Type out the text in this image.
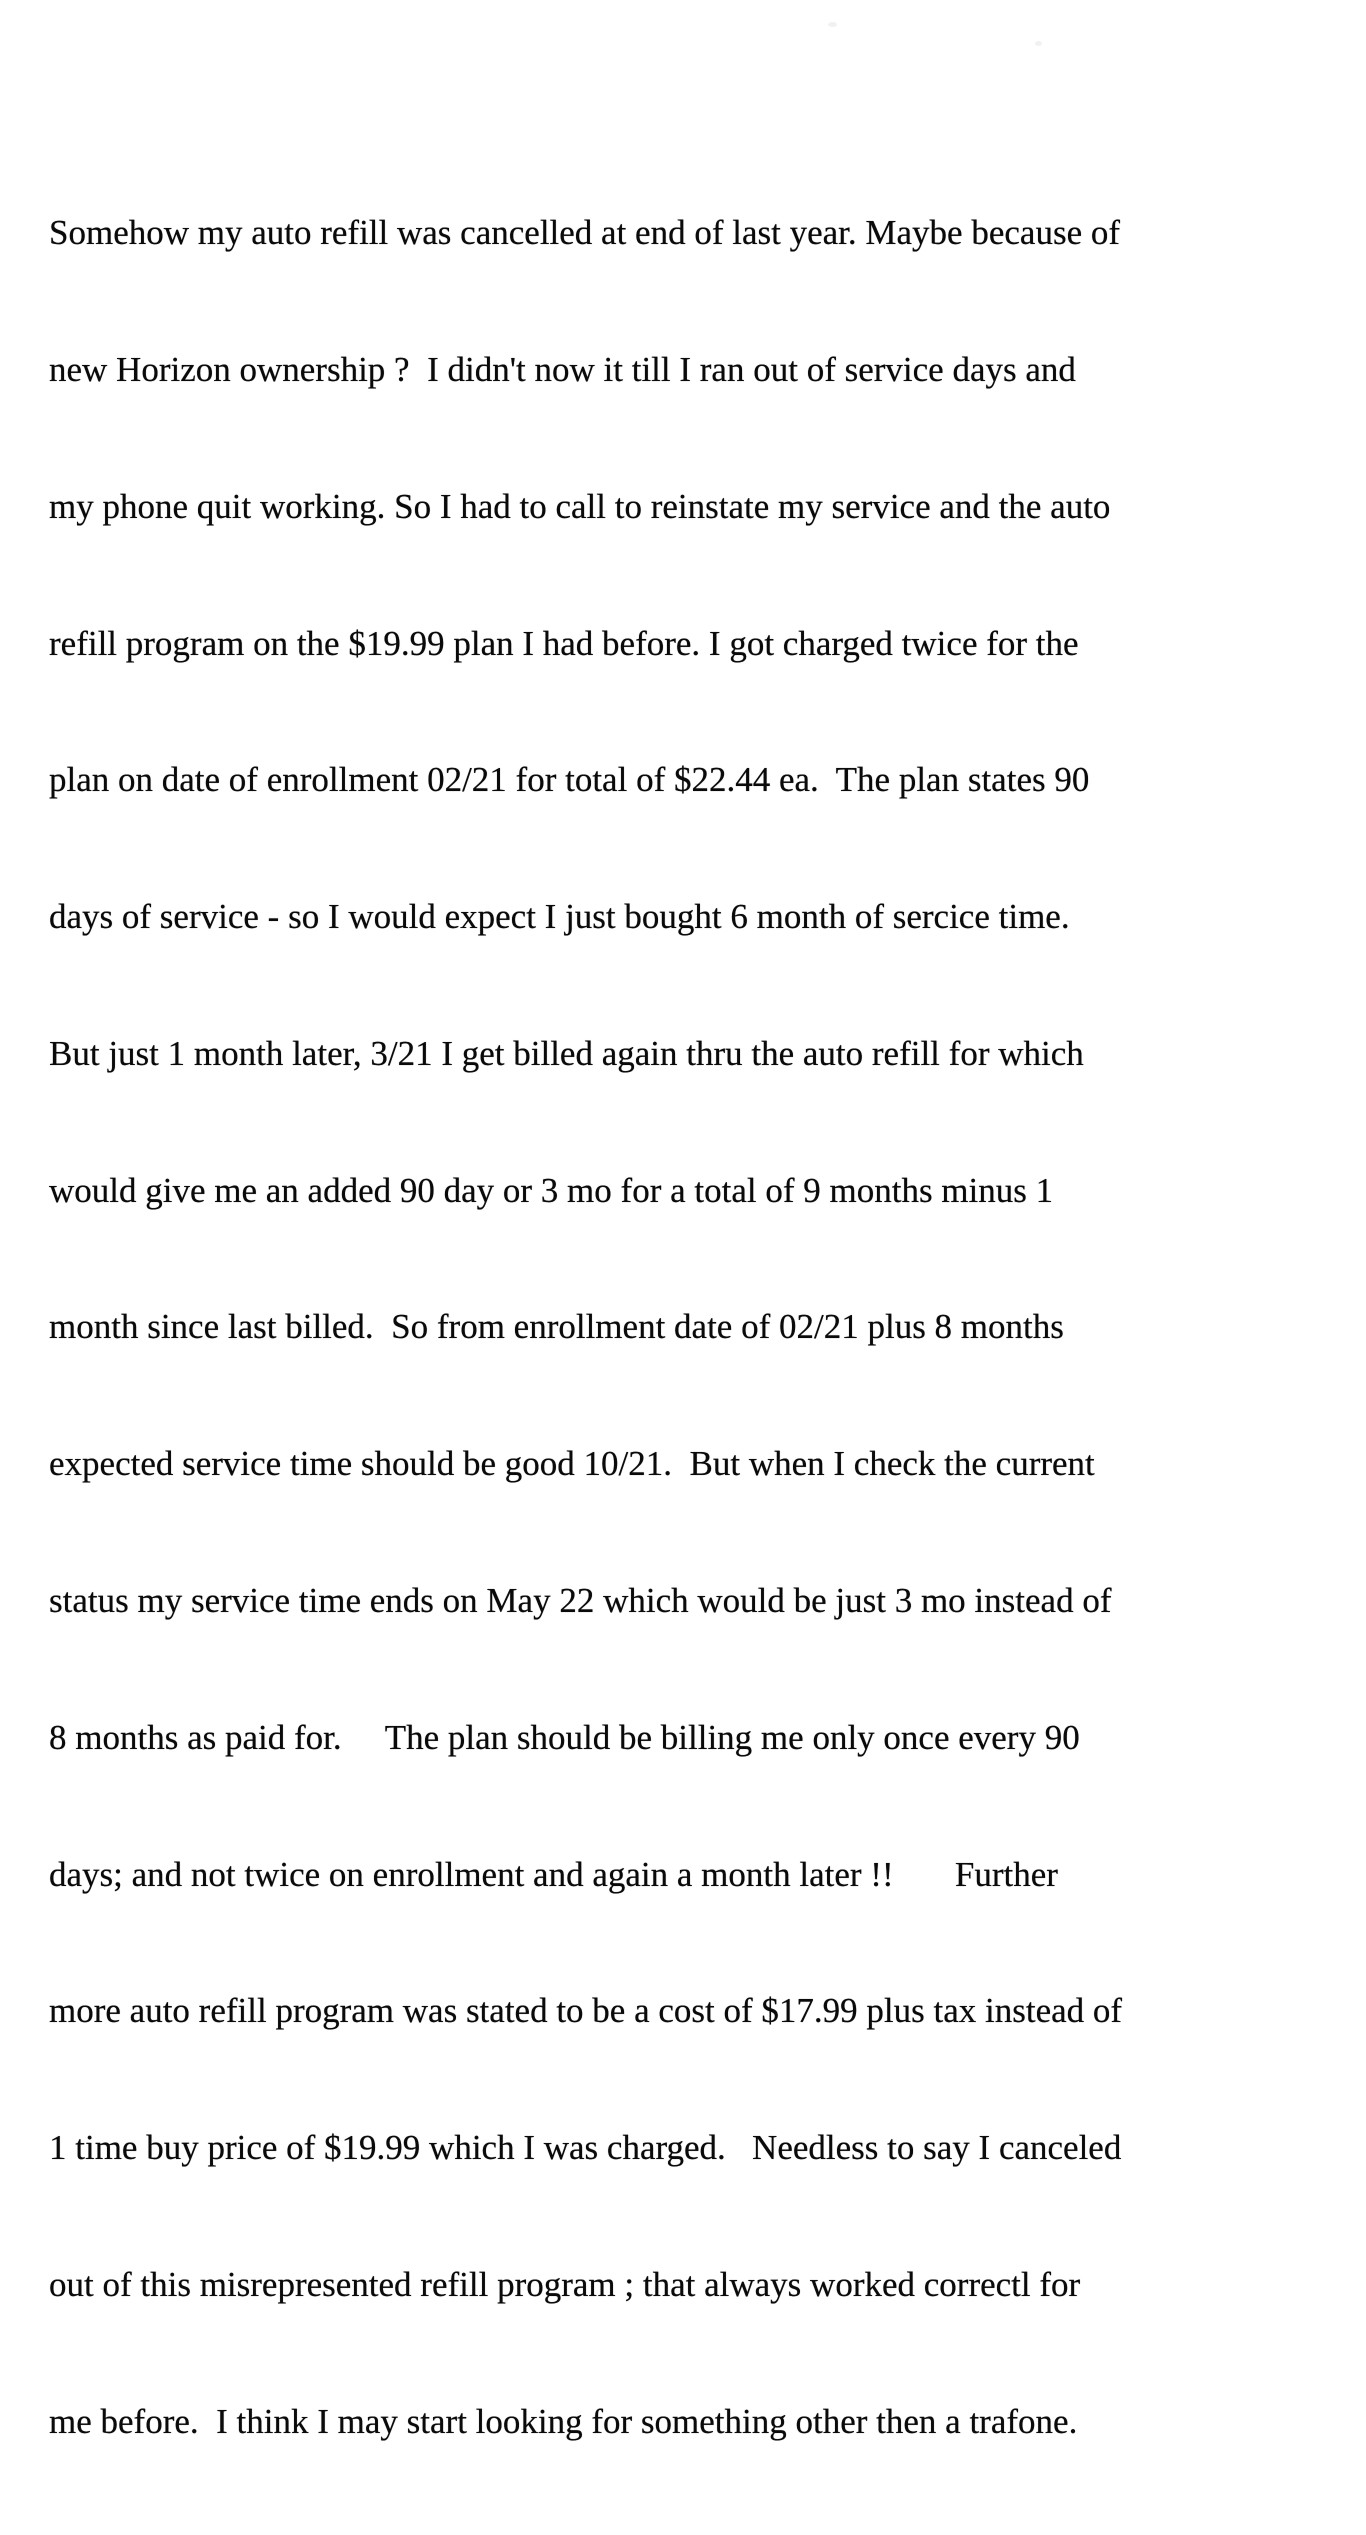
Somehow my auto refill was cancelled at end of last year. Maybe because of

new Horizon ownership ?  I didn't now it till I ran out of service days and

my phone quit working. So I had to call to reinstate my service and the auto

refill program on the $19.99 plan I had before. I got charged twice for the

plan on date of enrollment 02/21 for total of $22.44 ea.  The plan states 90

days of service - so I would expect I just bought 6 month of sercice time.

But just 1 month later, 3/21 I get billed again thru the auto refill for which

would give me an added 90 day or 3 mo for a total of 9 months minus 1

month since last billed.  So from enrollment date of 02/21 plus 8 months

expected service time should be good 10/21.  But when I check the current

status my service time ends on May 22 which would be just 3 mo instead of

8 months as paid for.     The plan should be billing me only once every 90

days; and not twice on enrollment and again a month later !!       Further

more auto refill program was stated to be a cost of $17.99 plus tax instead of

1 time buy price of $19.99 which I was charged.   Needless to say I canceled

out of this misrepresented refill program ; that always worked correctl for

me before.  I think I may start looking for something other then a trafone.
